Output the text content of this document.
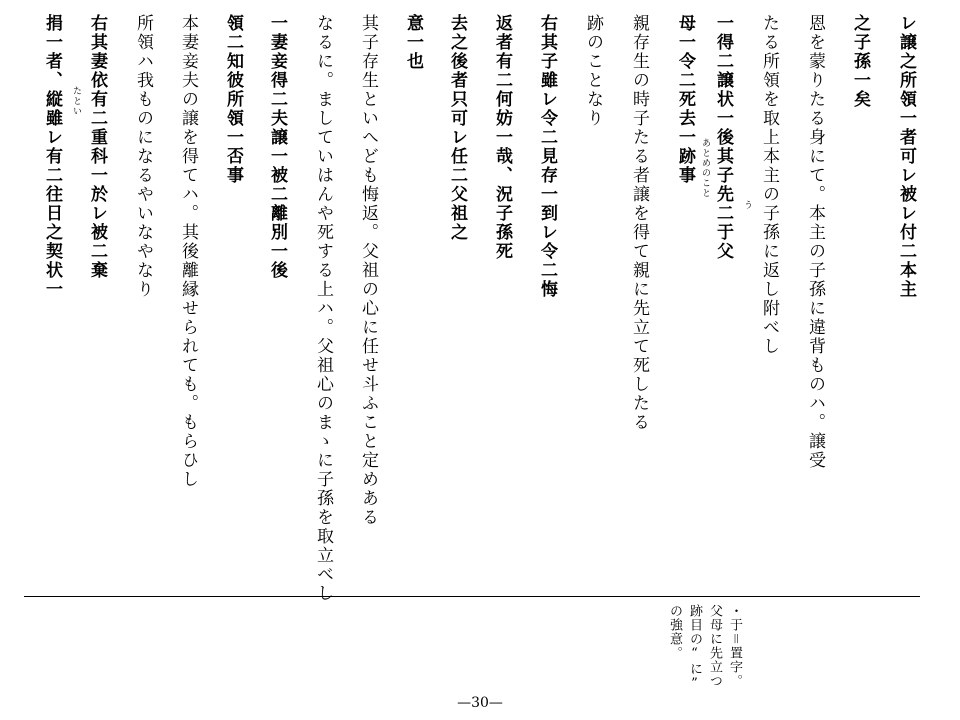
レ譲之所領一者可レ被レ付二本主
之子孫一矣
恩を蒙りたる身にて。本主の子孫に違背ものハ。譲受
たる所領を取上本主の子孫に返し附べし
一得二譲状一後其子先二于父
母一令二死去一跡事
親存生の時子たる者譲を得て親に先立て死したる
跡のことなり
右其子雖レ令二見存一到レ令二悔
返者有二何妨一哉、況子孫死
去之後者只可レ任二父祖之
意一也
其子存生といへども悔返。父祖の心に任せ斗ふこと定めある
なるに。ましていはんや死する上ハ。父祖心のまゝに子孫を取立べし
一妻妾得二夫譲一被二離別一後
領二知彼所領一否事
本妻妾夫の譲を得てハ。其後離縁せられても。もらひし
所領ハ我ものになるやいなやなり
右其妻依有二重科一於レ被二棄
捐一者、縦雖レ有二往日之契状一	う
あとめのこと
たとい
・于＝置字。
父母に先立つ
跡目の“に”
の強意。
—30—
